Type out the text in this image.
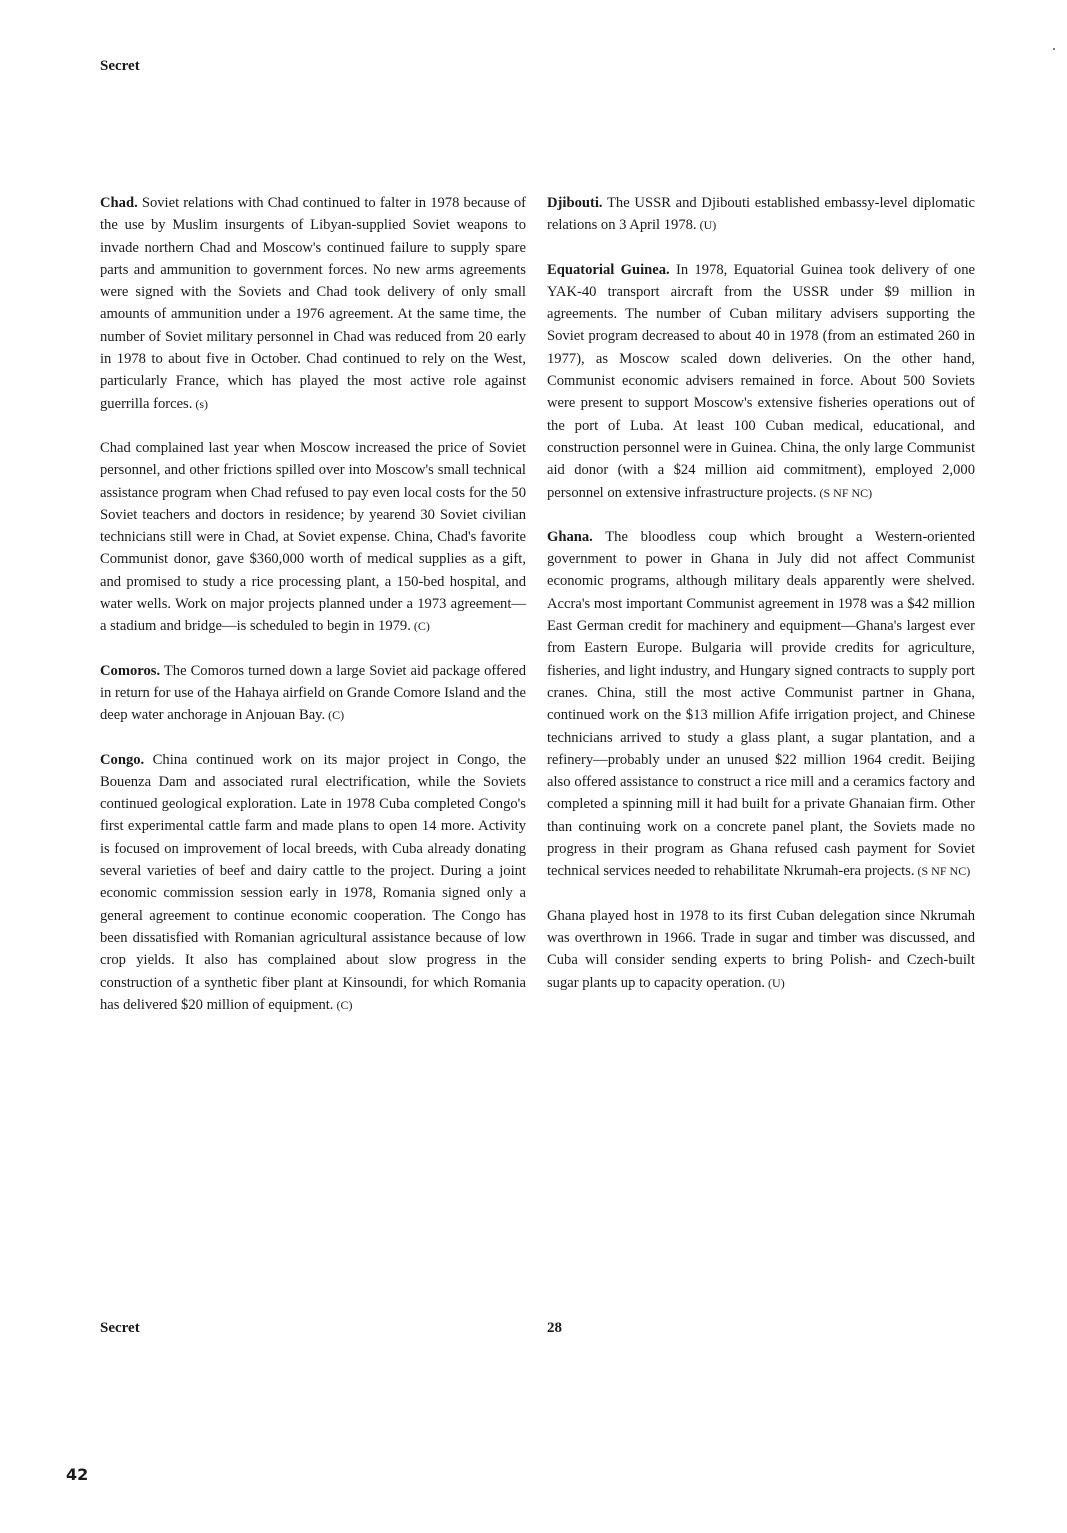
Secret

Chad. Soviet relations with Chad continued to falter in 1978 because of the use by Muslim insurgents of Libyan-supplied Soviet weapons to invade northern Chad and Moscow's continued failure to supply spare parts and ammunition to government forces. No new arms agreements were signed with the Soviets and Chad took delivery of only small amounts of ammunition under a 1976 agreement. At the same time, the number of Soviet military personnel in Chad was reduced from 20 early in 1978 to about five in October. Chad continued to rely on the West, particularly France, which has played the most active role against guerrilla forces. (s)

Chad complained last year when Moscow increased the price of Soviet personnel, and other frictions spilled over into Moscow's small technical assistance program when Chad refused to pay even local costs for the 50 Soviet teachers and doctors in residence; by yearend 30 Soviet civilian technicians still were in Chad, at Soviet expense. China, Chad's favorite Communist donor, gave $360,000 worth of medical supplies as a gift, and promised to study a rice processing plant, a 150-bed hospital, and water wells. Work on major projects planned under a 1973 agreement—a stadium and bridge—is scheduled to begin in 1979. (C)

Comoros. The Comoros turned down a large Soviet aid package offered in return for use of the Hahaya airfield on Grande Comore Island and the deep water anchorage in Anjouan Bay. (C)

Congo. China continued work on its major project in Congo, the Bouenza Dam and associated rural electrification, while the Soviets continued geological exploration. Late in 1978 Cuba completed Congo's first experimental cattle farm and made plans to open 14 more. Activity is focused on improvement of local breeds, with Cuba already donating several varieties of beef and dairy cattle to the project. During a joint economic commission session early in 1978, Romania signed only a general agreement to continue economic cooperation. The Congo has been dissatisfied with Romanian agricultural assistance because of low crop yields. It also has complained about slow progress in the construction of a synthetic fiber plant at Kinsoundi, for which Romania has delivered $20 million of equipment. (C)

Djibouti. The USSR and Djibouti established embassy-level diplomatic relations on 3 April 1978. (U)

Equatorial Guinea. In 1978, Equatorial Guinea took delivery of one YAK-40 transport aircraft from the USSR under $9 million in agreements. The number of Cuban military advisers supporting the Soviet program decreased to about 40 in 1978 (from an estimated 260 in 1977), as Moscow scaled down deliveries. On the other hand, Communist economic advisers remained in force. About 500 Soviets were present to support Moscow's extensive fisheries operations out of the port of Luba. At least 100 Cuban medical, educational, and construction personnel were in Guinea. China, the only large Communist aid donor (with a $24 million aid commitment), employed 2,000 personnel on extensive infrastructure projects. (S NF NC)

Ghana. The bloodless coup which brought a Western-oriented government to power in Ghana in July did not affect Communist economic programs, although military deals apparently were shelved. Accra's most important Communist agreement in 1978 was a $42 million East German credit for machinery and equipment—Ghana's largest ever from Eastern Europe. Bulgaria will provide credits for agriculture, fisheries, and light industry, and Hungary signed contracts to supply port cranes. China, still the most active Communist partner in Ghana, continued work on the $13 million Afife irrigation project, and Chinese technicians arrived to study a glass plant, a sugar plantation, and a refinery—probably under an unused $22 million 1964 credit. Beijing also offered assistance to construct a rice mill and a ceramics factory and completed a spinning mill it had built for a private Ghanaian firm. Other than continuing work on a concrete panel plant, the Soviets made no progress in their program as Ghana refused cash payment for Soviet technical services needed to rehabilitate Nkrumah-era projects. (S NF NC)

Ghana played host in 1978 to its first Cuban delegation since Nkrumah was overthrown in 1966. Trade in sugar and timber was discussed, and Cuba will consider sending experts to bring Polish- and Czech-built sugar plants up to capacity operation. (U)

Secret	28
42
